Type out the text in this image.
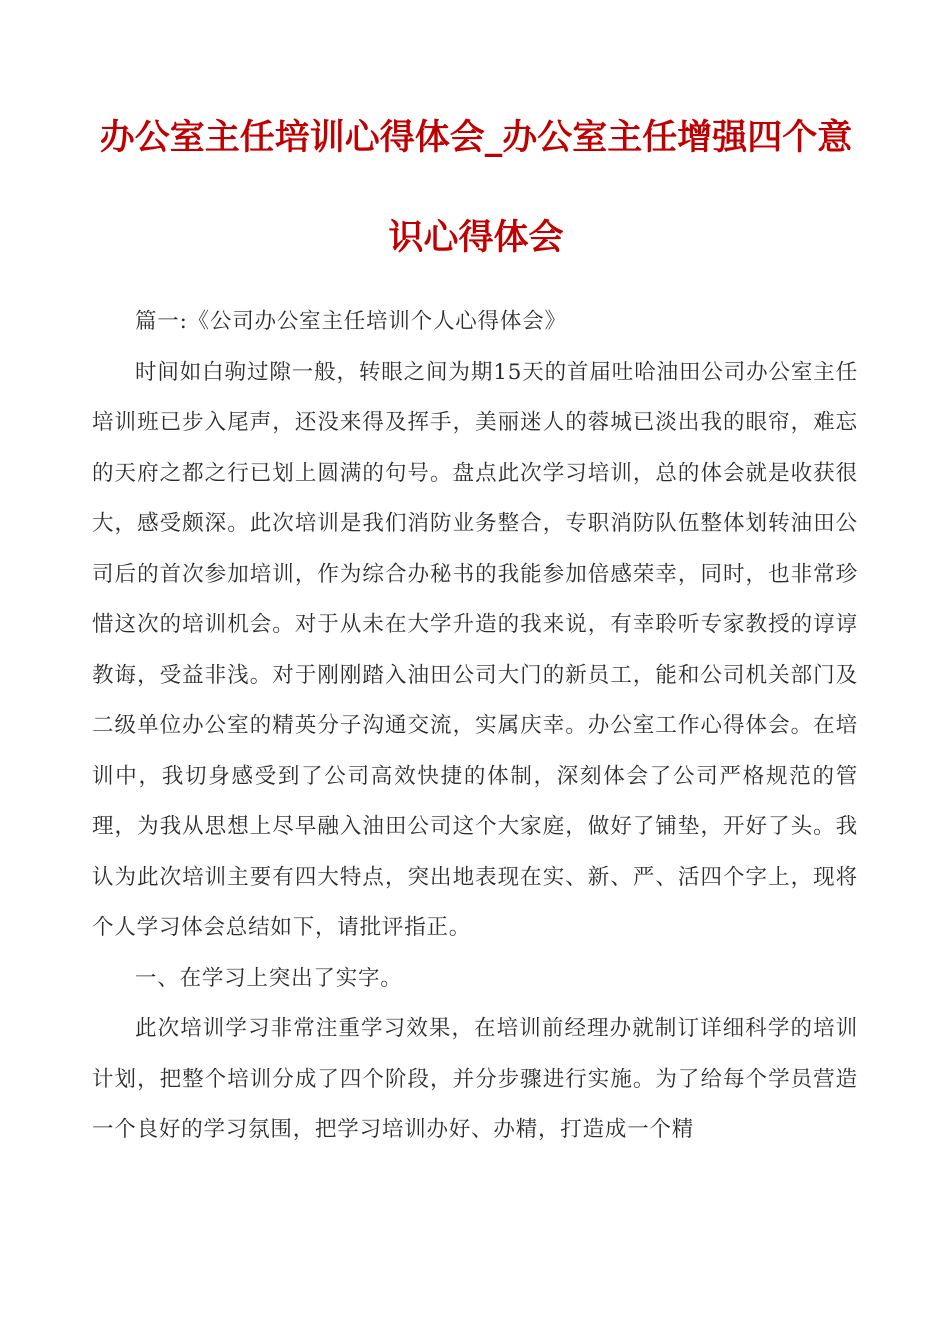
办公室主任培训心得体会_办公室主任增强四个意识心得体会

篇一:《公司办公室主任培训个人心得体会》

时间如白驹过隙一般，转眼之间为期15天的首届吐哈油田公司办公室主任培训班已步入尾声，还没来得及挥手，美丽迷人的蓉城已淡出我的眼帘，难忘的天府之都之行已划上圆满的句号。盘点此次学习培训，总的体会就是收获很大，感受颇深。此次培训是我们消防业务整合，专职消防队伍整体划转油田公司后的首次参加培训，作为综合办秘书的我能参加倍感荣幸，同时，也非常珍惜这次的培训机会。对于从未在大学升造的我来说，有幸聆听专家教授的谆谆教诲，受益非浅。对于刚刚踏入油田公司大门的新员工，能和公司机关部门及二级单位办公室的精英分子沟通交流，实属庆幸。办公室工作心得体会。在培训中，我切身感受到了公司高效快捷的体制，深刻体会了公司严格规范的管理，为我从思想上尽早融入油田公司这个大家庭，做好了铺垫，开好了头。我认为此次培训主要有四大特点，突出地表现在实、新、严、活四个字上，现将个人学习体会总结如下，请批评指正。

一、在学习上突出了实字。

此次培训学习非常注重学习效果，在培训前经理办就制订详细科学的培训计划，把整个培训分成了四个阶段，并分步骤进行实施。为了给每个学员营造一个良好的学习氛围，把学习培训办好、办精，打造成一个精
